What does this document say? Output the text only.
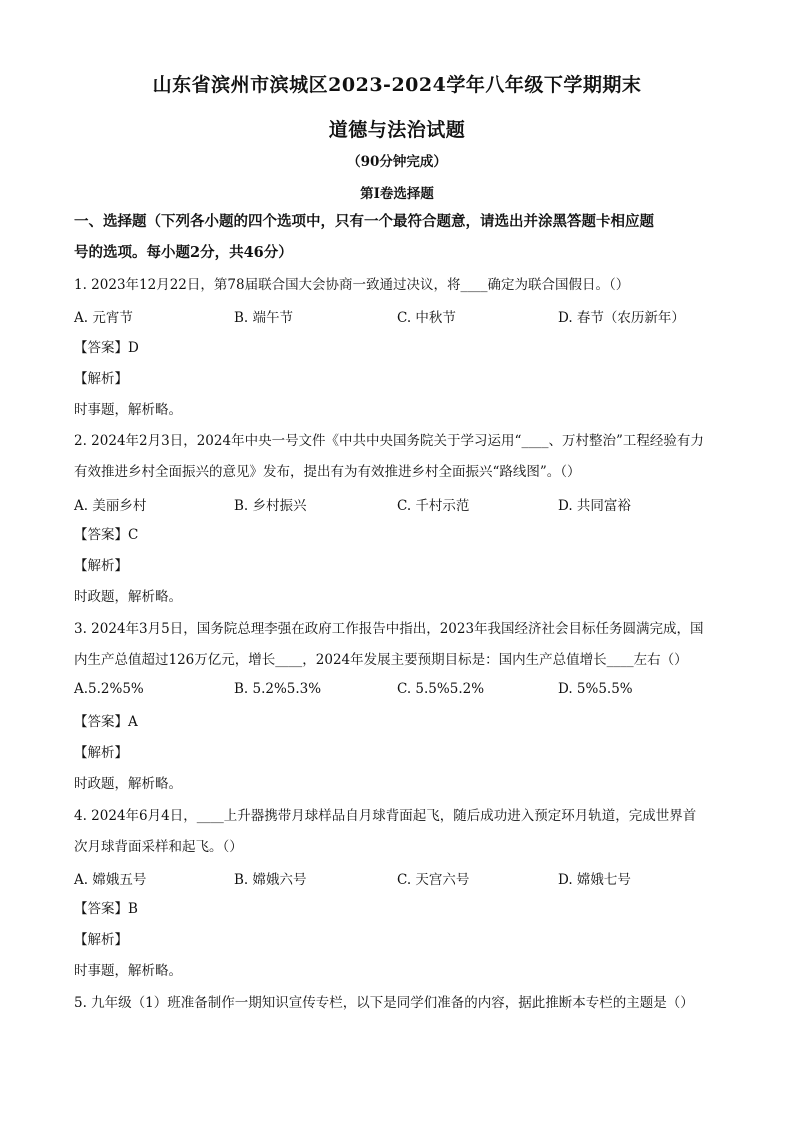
山东省滨州市滨城区2023-2024学年八年级下学期期末
道德与法治试题
（90分钟完成）
第Ⅰ卷选择题
一、选择题（下列各小题的四个选项中，只有一个最符合题意，请选出并涂黑答题卡相应题
号的选项。每小题2分，共46分）
1. 2023年12月22日，第78届联合国大会协商一致通过决议，将____确定为联合国假日。（）
A. 元宵节	B. 端午节	C. 中秋节	D. 春节（农历新年）
【答案】D
【解析】
时事题，解析略。
2. 2024年2月3日，2024年中央一号文件《中共中央国务院关于学习运用“____、万村整治”工程经验有力
有效推进乡村全面振兴的意见》发布，提出有为有效推进乡村全面振兴“路线图”。（）
A. 美丽乡村	B. 乡村振兴	C. 千村示范	D. 共同富裕
【答案】C
【解析】
时政题，解析略。
3. 2024年3月5日，国务院总理李强在政府工作报告中指出，2023年我国经济社会目标任务圆满完成，国
内生产总值超过126万亿元，增长____，2024年发展主要预期目标是：国内生产总值增长____左右（）
A.5.2%5%	B. 5.2%5.3%	C. 5.5%5.2%	D. 5%5.5%
【答案】A
【解析】
时政题，解析略。
4. 2024年6月4日，____上升器携带月球样品自月球背面起飞，随后成功进入预定环月轨道，完成世界首
次月球背面采样和起飞。（）
A. 嫦娥五号	B. 嫦娥六号	C. 天宫六号	D. 嫦娥七号
【答案】B
【解析】
时事题，解析略。
5. 九年级（1）班准备制作一期知识宣传专栏，以下是同学们准备的内容，据此推断本专栏的主题是（）
